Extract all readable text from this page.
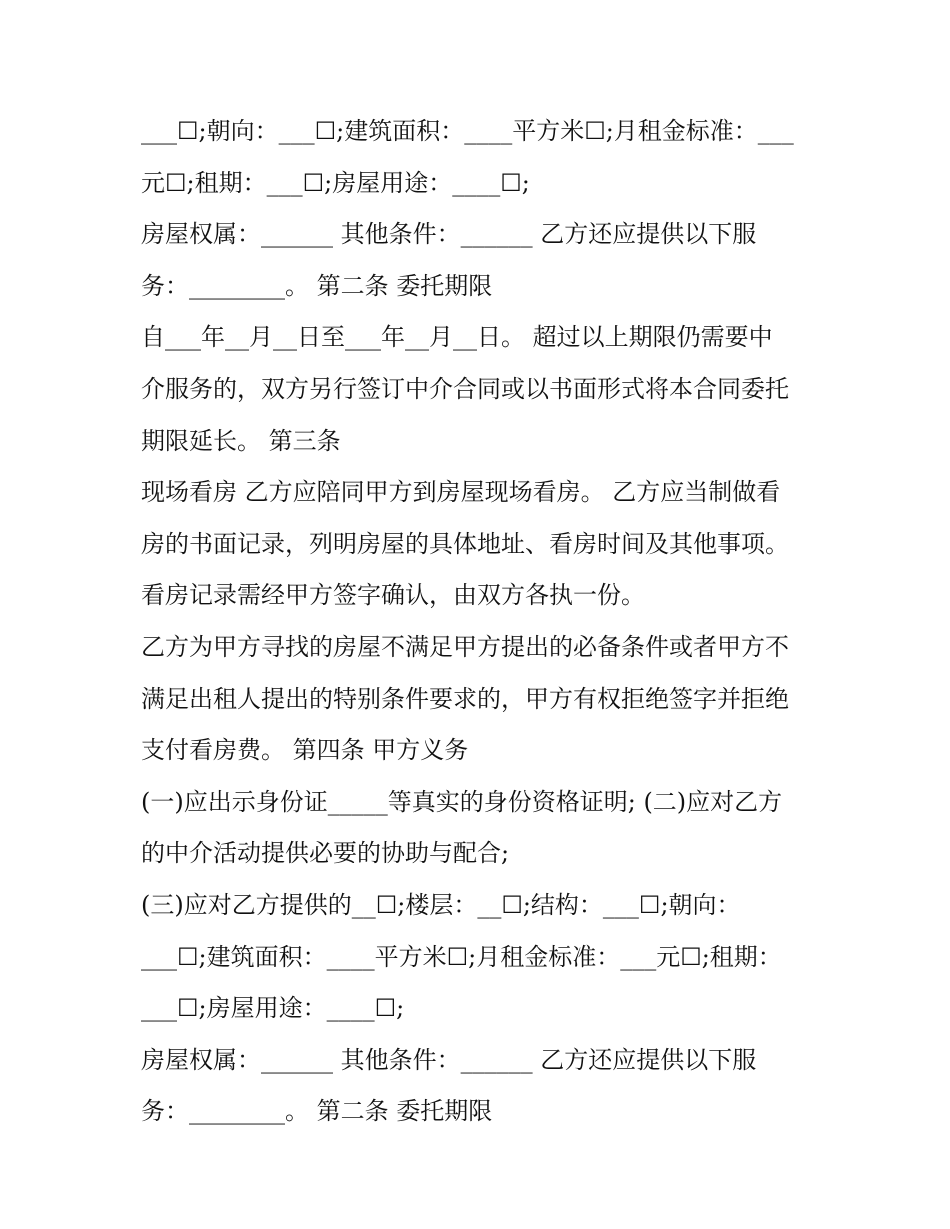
___☐;朝向：___☐;建筑面积：____平方米☐;月租金标准：___
元☐;租期：___☐;房屋用途：____☐;
房屋权属：______ 其他条件：______ 乙方还应提供以下服
务：________。 第二条 委托期限
自___年__月__日至___年__月__日。 超过以上期限仍需要中
介服务的，双方另行签订中介合同或以书面形式将本合同委托
期限延长。 第三条
现场看房 乙方应陪同甲方到房屋现场看房。 乙方应当制做看
房的书面记录，列明房屋的具体地址、看房时间及其他事项。
看房记录需经甲方签字确认，由双方各执一份。
乙方为甲方寻找的房屋不满足甲方提出的必备条件或者甲方不
满足出租人提出的特别条件要求的，甲方有权拒绝签字并拒绝
支付看房费。 第四条 甲方义务
(一)应出示身份证_____等真实的身份资格证明; (二)应对乙方
的中介活动提供必要的协助与配合;
(三)应对乙方提供的__☐;楼层：__☐;结构：___☐;朝向：
___☐;建筑面积：____平方米☐;月租金标准：___元☐;租期：
___☐;房屋用途：____☐;
房屋权属：______ 其他条件：______ 乙方还应提供以下服
务：________。 第二条 委托期限
